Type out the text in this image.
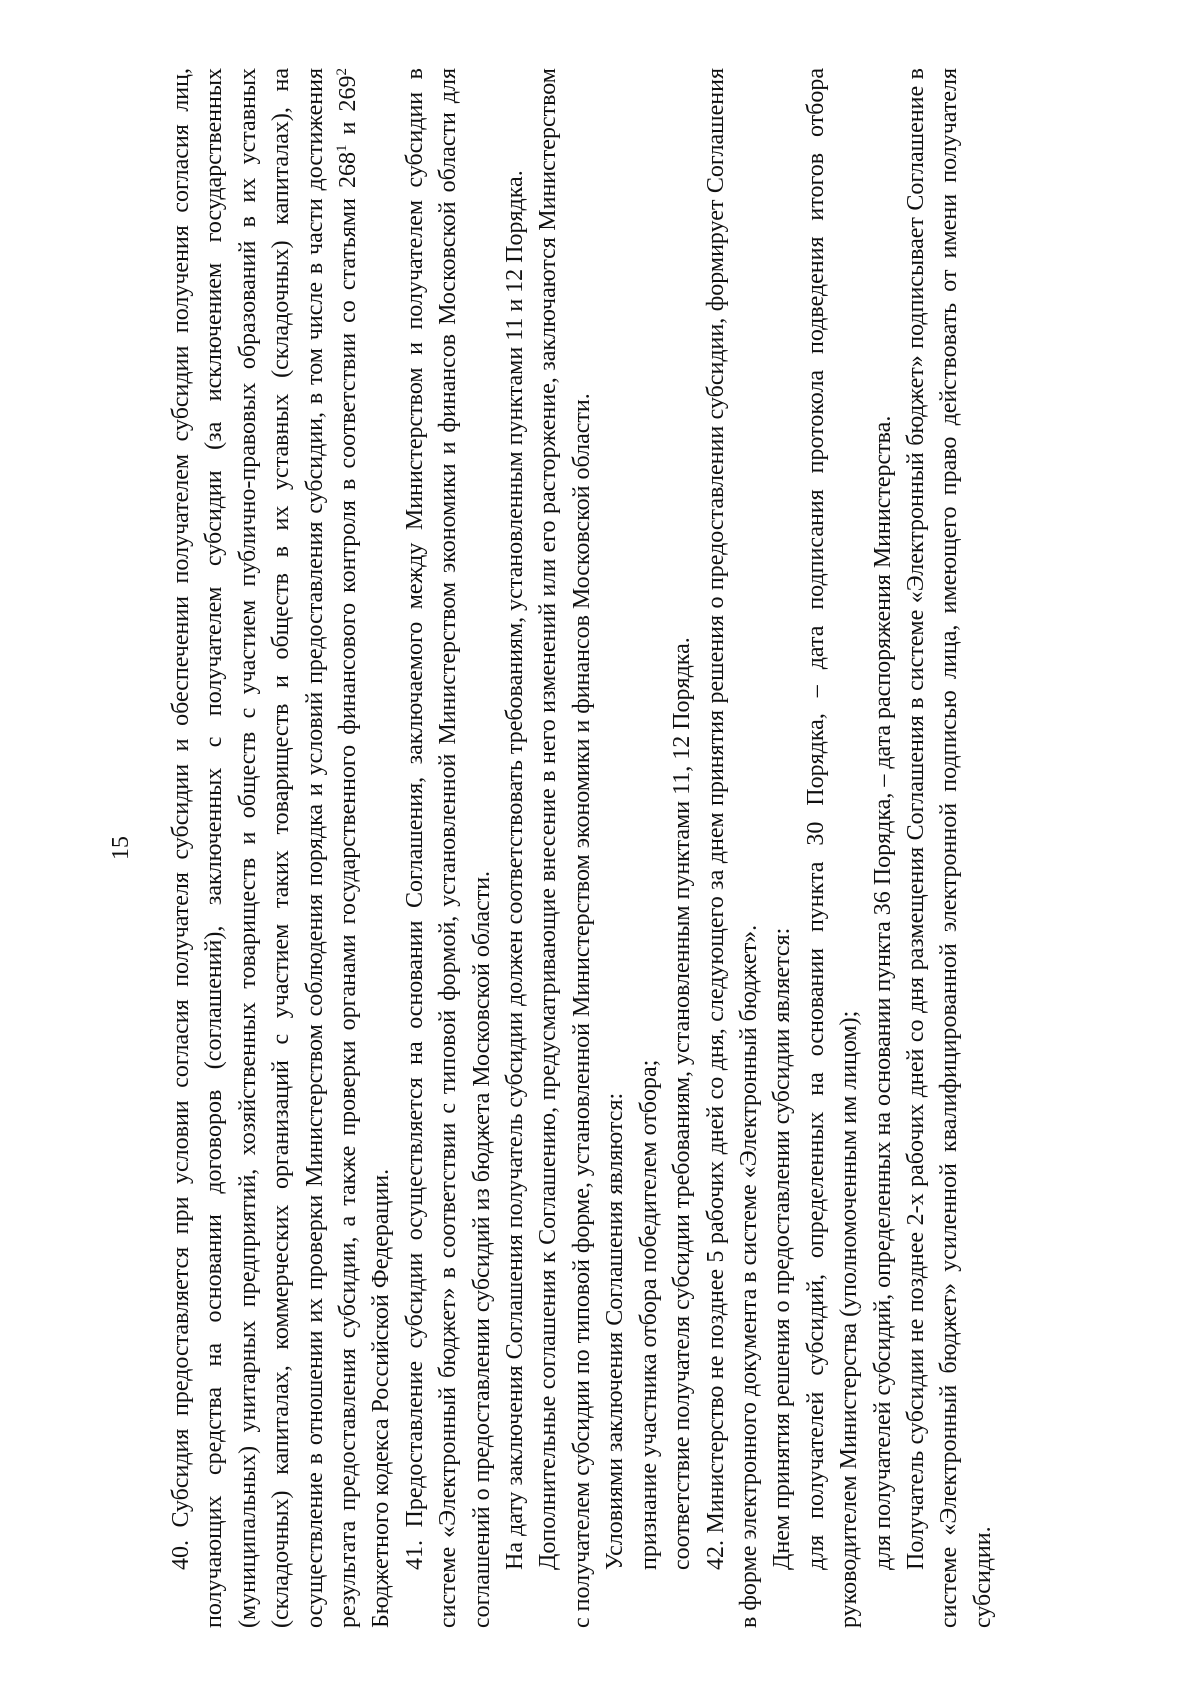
15 40. Субсидия предоставляется при условии согласия получателя субсидии и обеспечении получателем субсидии получения согласия лиц, получающих средства на основании договоров (соглашений), заключенных с получателем субсидии (за исключением государственных (муниципальных) унитарных предприятий, хозяйственных товариществ и обществ с участием публично-правовых образований в их уставных (складочных) капиталах, коммерческих организаций с участием таких товариществ и обществ в их уставных (складочных) капиталах), на осуществление в отношении их проверки Министерством соблюдения порядка и условий предоставления субсидии, в том числе в части достижения результата предоставления субсидии, а также проверки органами государственного финансового контроля в соответствии со статьями $268^1$ и $269^2$ Бюджетного кодекса Российской Федерации. 41. Предоставление субсидии осуществляется на основании Соглашения, заключаемого между Министерством и получателем субсидии в системе «Электронный бюджет» в соответствии с типовой формой, установленной Министерством экономики и финансов Московской области для соглашений о предоставлении субсидий из бюджета Московской области. На дату заключения Соглашения получатель субсидии должен соответствовать требованиям, установленным пунктами 11 и 12 Порядка. Дополнительные соглашения к Соглашению, предусматривающие внесение в него изменений или его расторжение, заключаются Министерством с получателем субсидии по типовой форме, установленной Министерством экономики и финансов Московской области. Условиями заключения Соглашения являются: признание участника отбора победителем отбора; соответствие получателя субсидии требованиям, установленным пунктами 11, 12 Порядка. 42. Министерство не позднее 5 рабочих дней со дня, следующего за днем принятия решения о предоставлении субсидии, формирует Соглашения в форме электронного документа в системе «Электронный бюджет». Днем принятия решения о предоставлении субсидии является: для получателей субсидий, определенных на основании пункта 30 Порядка, – дата подписания протокола подведения итогов отбора руководителем Министерства (уполномоченным им лицом); для получателей субсидий, определенных на основании пункта 36 Порядка, – дата распоряжения Министерства. Получатель субсидии не позднее 2-х рабочих дней со дня размещения Соглашения в системе «Электронный бюджет» подписывает Соглашение в системе «Электронный бюджет» усиленной квалифицированной электронной подписью лица, имеющего право действовать от имени получателя субсидии.
